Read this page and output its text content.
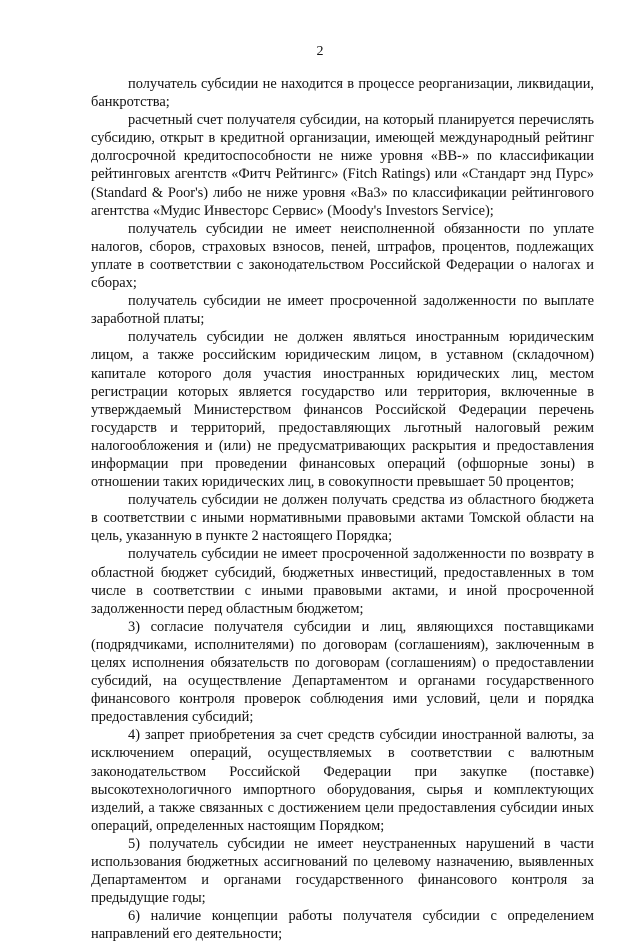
2

получатель субсидии не находится в процессе реорганизации, ликвидации, банкротства;

расчетный счет получателя субсидии, на который планируется перечислять субсидию, открыт в кредитной организации, имеющей международный рейтинг долгосрочной кредитоспособности не ниже уровня «BB-» по классификации рейтинговых агентств «Фитч Рейтингс» (Fitch Ratings) или «Стандарт энд Пурс» (Standard & Poor's) либо не ниже уровня «Ba3» по классификации рейтингового агентства «Мудис Инвесторс Сервис» (Moody's Investors Service);

получатель субсидии не имеет неисполненной обязанности по уплате налогов, сборов, страховых взносов, пеней, штрафов, процентов, подлежащих уплате в соответствии с законодательством Российской Федерации о налогах и сборах;

получатель субсидии не имеет просроченной задолженности по выплате заработной платы;

получатель субсидии не должен являться иностранным юридическим лицом, а также российским юридическим лицом, в уставном (складочном) капитале которого доля участия иностранных юридических лиц, местом регистрации которых является государство или территория, включенные в утверждаемый Министерством финансов Российской Федерации перечень государств и территорий, предоставляющих льготный налоговый режим налогообложения и (или) не предусматривающих раскрытия и предоставления информации при проведении финансовых операций (офшорные зоны) в отношении таких юридических лиц, в совокупности превышает 50 процентов;

получатель субсидии не должен получать средства из областного бюджета в соответствии с иными нормативными правовыми актами Томской области на цель, указанную в пункте 2 настоящего Порядка;

получатель субсидии не имеет просроченной задолженности по возврату в областной бюджет субсидий, бюджетных инвестиций, предоставленных в том числе в соответствии с иными правовыми актами, и иной просроченной задолженности перед областным бюджетом;

3) согласие получателя субсидии и лиц, являющихся поставщиками (подрядчиками, исполнителями) по договорам (соглашениям), заключенным в целях исполнения обязательств по договорам (соглашениям) о предоставлении субсидий, на осуществление Департаментом и органами государственного финансового контроля проверок соблюдения ими условий, цели и порядка предоставления субсидий;

4) запрет приобретения за счет средств субсидии иностранной валюты, за исключением операций, осуществляемых в соответствии с валютным законодательством Российской Федерации при закупке (поставке) высокотехнологичного импортного оборудования, сырья и комплектующих изделий, а также связанных с достижением цели предоставления субсидии иных операций, определенных настоящим Порядком;

5) получатель субсидии не имеет неустраненных нарушений в части использования бюджетных ассигнований по целевому назначению, выявленных Департаментом и органами государственного финансового контроля за предыдущие годы;

6) наличие концепции работы получателя субсидии с определением направлений его деятельности;
